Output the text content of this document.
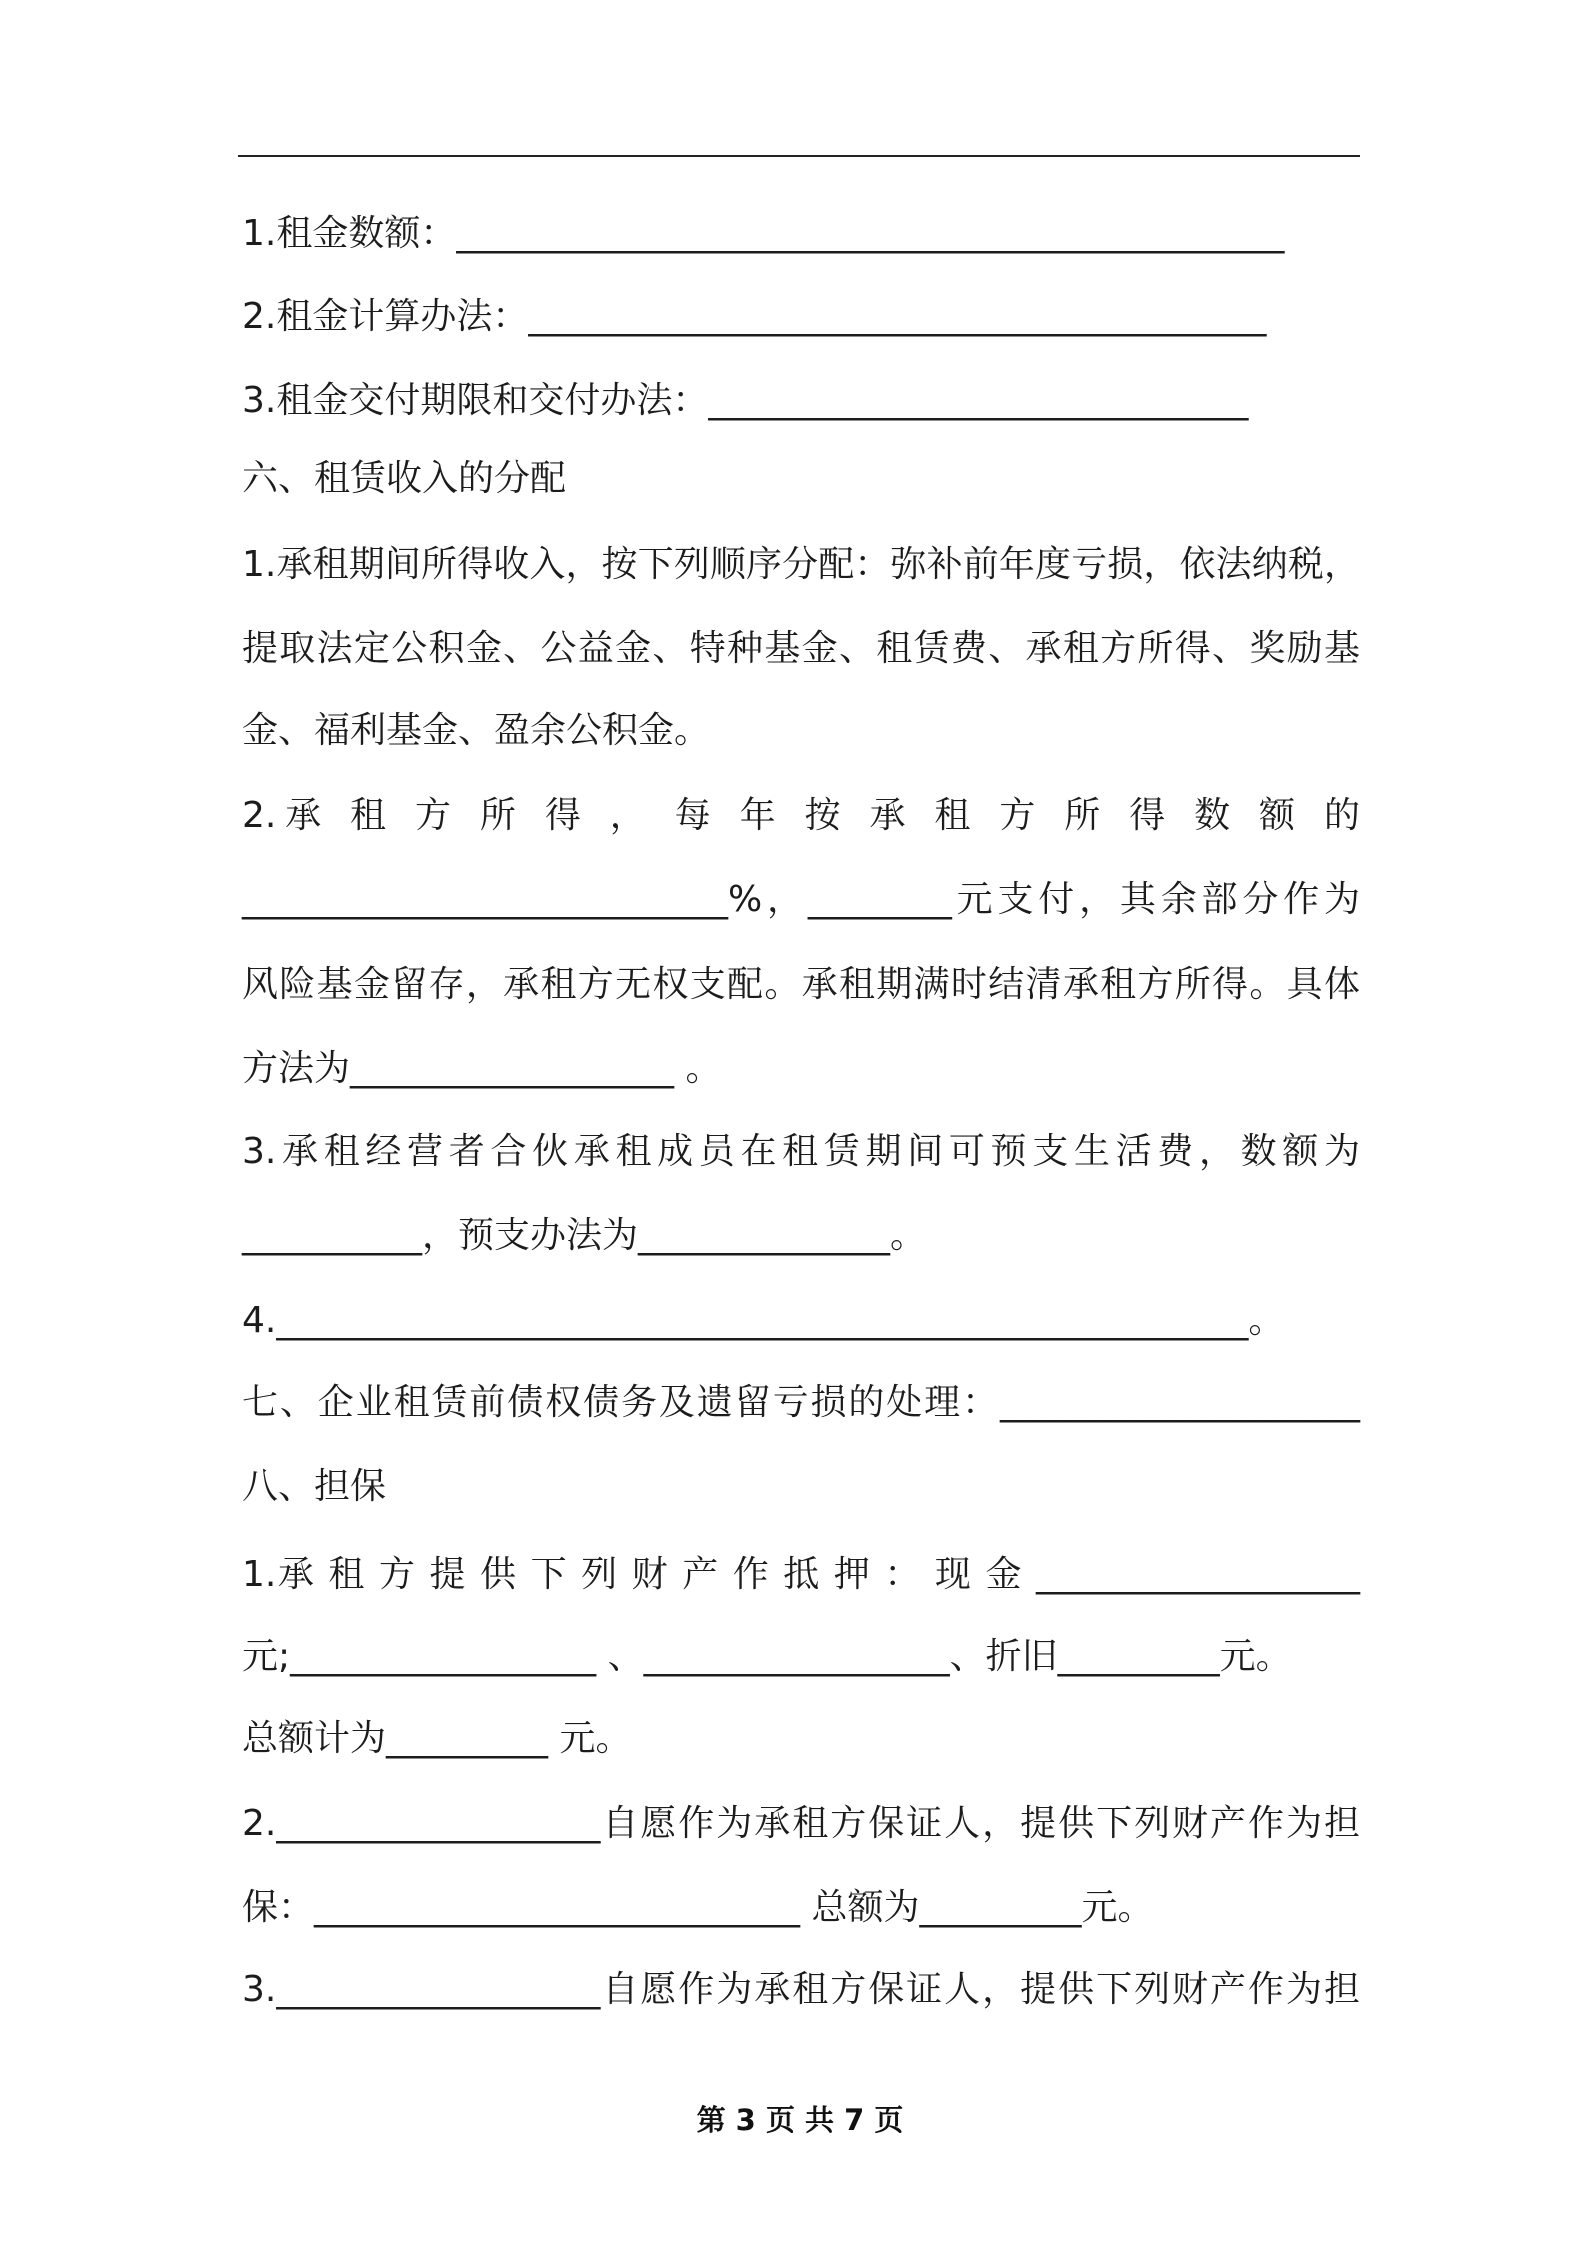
1.租金数额：______________________________________________
2.租金计算办法：_________________________________________
3.租金交付期限和交付办法：______________________________
六、租赁收入的分配
1.承租期间所得收入，按下列顺序分配：弥补前年度亏损，依法纳税，
提取法定公积金、公益金、特种基金、租赁费、承租方所得、奖励基
金、福利基金、盈余公积金。
2.承 租 方 所 得 ， 每 年 按 承 租 方 所 得 数 额 的
___________________________%，________元支付，其余部分作为
风险基金留存，承租方无权支配。承租期满时结清承租方所得。具体
方法为__________________ 。
3.承租经营者合伙承租成员在租赁期间可预支生活费，数额为
__________，预支办法为______________。
4.______________________________________________________。
七、企业租赁前债权债务及遗留亏损的处理：____________________
八、担保
1.承 租 方 提 供 下 列 财 产 作 抵 押 ： 现 金 __________________
元;_________________ 、_________________、折旧_________元。
总额计为_________ 元。
2.__________________自愿作为承租方保证人，提供下列财产作为担
保：___________________________ 总额为_________元。
3.__________________自愿作为承租方保证人，提供下列财产作为担
第 3 页 共 7 页
